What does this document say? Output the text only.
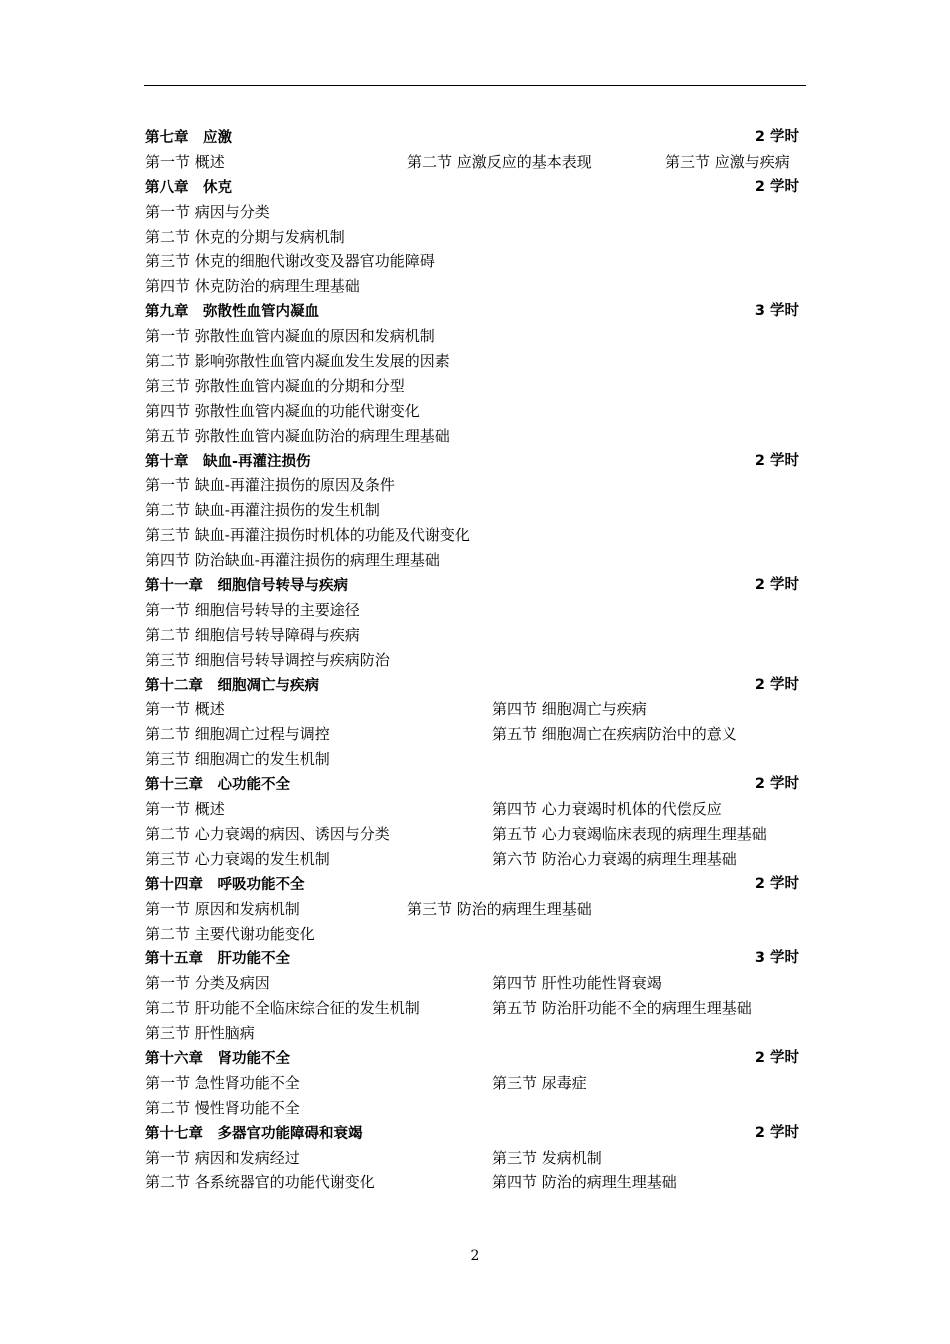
第七章　应激	2 学时
第一节 概述	第二节 应激反应的基本表现	第三节 应激与疾病
第八章　休克	2 学时
第一节 病因与分类
第二节 休克的分期与发病机制
第三节 休克的细胞代谢改变及器官功能障碍
第四节 休克防治的病理生理基础
第九章　弥散性血管内凝血	3 学时
第一节 弥散性血管内凝血的原因和发病机制
第二节 影响弥散性血管内凝血发生发展的因素
第三节 弥散性血管内凝血的分期和分型
第四节 弥散性血管内凝血的功能代谢变化
第五节 弥散性血管内凝血防治的病理生理基础
第十章　缺血-再灌注损伤	2 学时
第一节 缺血-再灌注损伤的原因及条件
第二节 缺血-再灌注损伤的发生机制
第三节 缺血-再灌注损伤时机体的功能及代谢变化
第四节 防治缺血-再灌注损伤的病理生理基础
第十一章　细胞信号转导与疾病	2 学时
第一节 细胞信号转导的主要途径
第二节 细胞信号转导障碍与疾病
第三节 细胞信号转导调控与疾病防治
第十二章　细胞凋亡与疾病	2 学时
第一节 概述	第四节 细胞凋亡与疾病
第二节 细胞凋亡过程与调控	第五节 细胞凋亡在疾病防治中的意义
第三节 细胞凋亡的发生机制
第十三章　心功能不全	2 学时
第一节 概述	第四节 心力衰竭时机体的代偿反应
第二节 心力衰竭的病因、诱因与分类	第五节 心力衰竭临床表现的病理生理基础
第三节 心力衰竭的发生机制	第六节 防治心力衰竭的病理生理基础
第十四章　呼吸功能不全	2 学时
第一节 原因和发病机制	第三节 防治的病理生理基础
第二节 主要代谢功能变化
第十五章　肝功能不全	3 学时
第一节 分类及病因	第四节 肝性功能性肾衰竭
第二节 肝功能不全临床综合征的发生机制	第五节 防治肝功能不全的病理生理基础
第三节 肝性脑病
第十六章　肾功能不全	2 学时
第一节 急性肾功能不全	第三节 尿毒症
第二节 慢性肾功能不全
第十七章　多器官功能障碍和衰竭	2 学时
第一节 病因和发病经过	第三节 发病机制
第二节 各系统器官的功能代谢变化	第四节 防治的病理生理基础
2
